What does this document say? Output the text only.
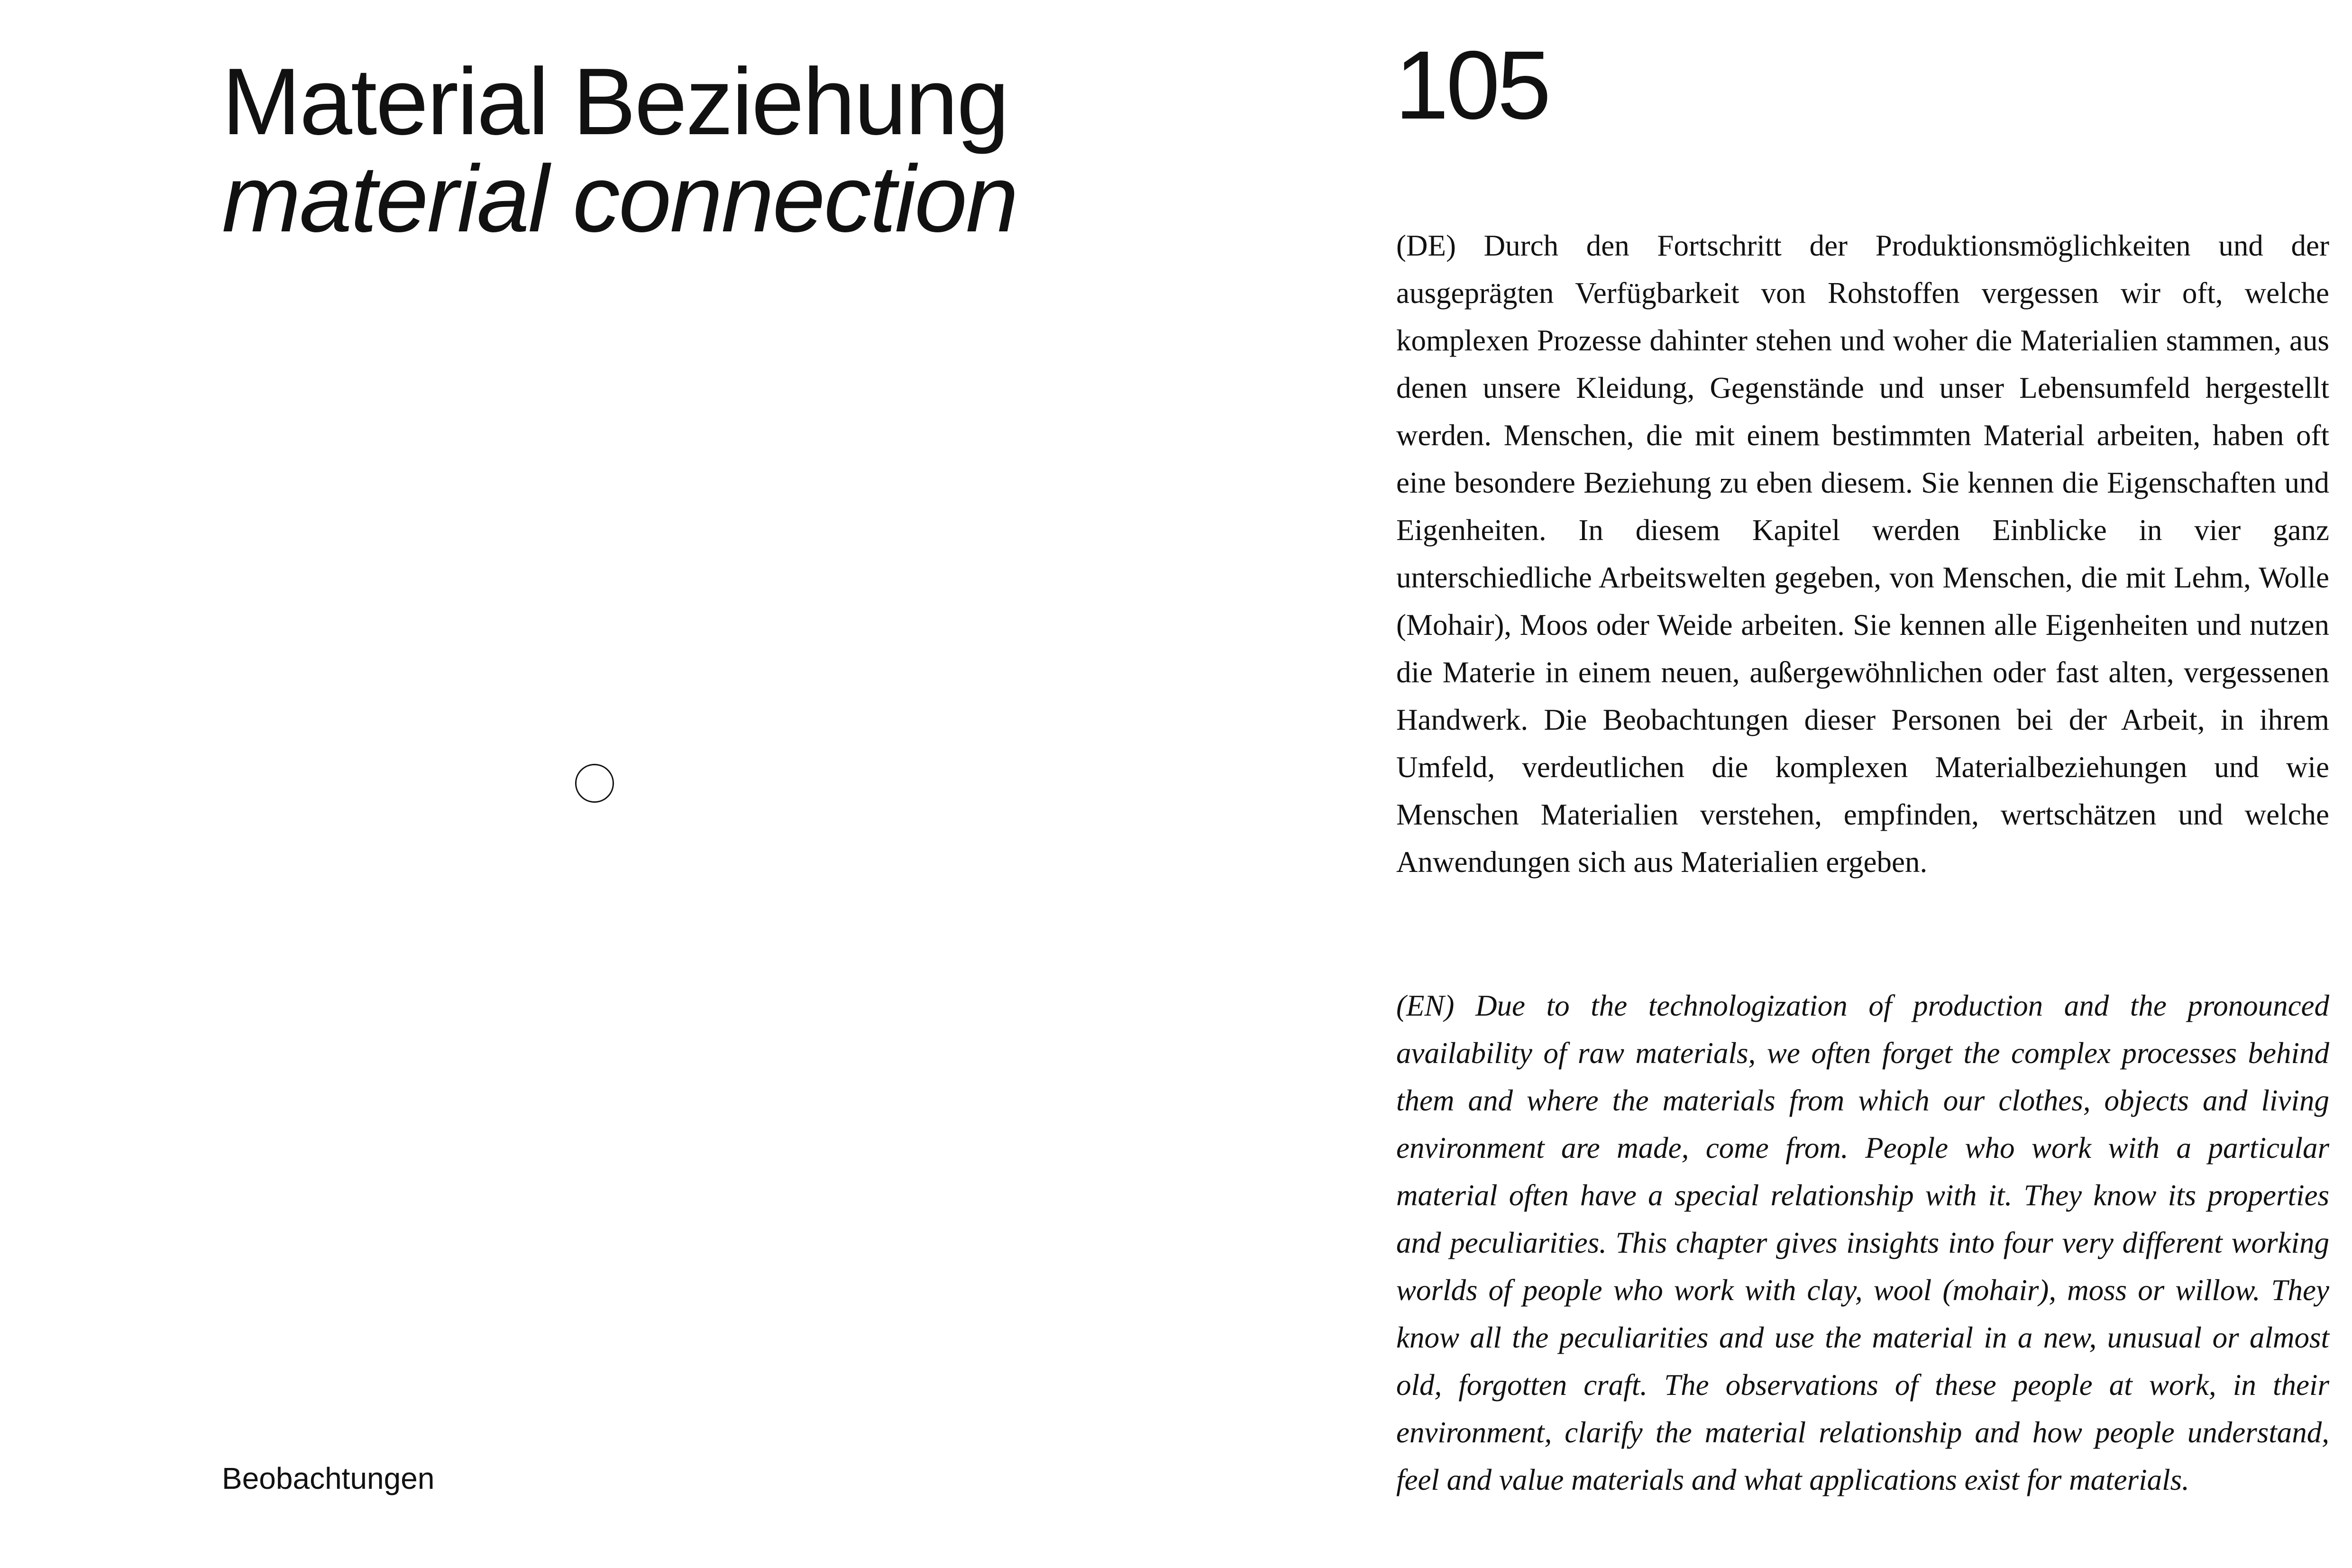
Material Beziehung
material connection
Beobachtungen
105

(DE) Durch den Fortschritt der Produktionsmöglichkeiten und der ausgeprägten Verfügbarkeit von Rohstoffen vergessen wir oft, welche komplexen Prozesse dahinter stehen und woher die Materialien stammen, aus denen unsere Kleidung, Gegenstände und unser Lebensumfeld hergestellt werden. Menschen, die mit einem bestimmten Material arbeiten, haben oft eine besondere Beziehung zu eben diesem. Sie kennen die Eigenschaften und Eigenheiten. In diesem Kapitel werden Einblicke in vier ganz unterschiedliche Arbeitswelten gegeben, von Menschen, die mit Lehm, Wolle (Mohair), Moos oder Weide arbeiten. Sie kennen alle Eigenheiten und nutzen die Materie in einem neuen, außergewöhnlichen oder fast alten, vergessenen Handwerk. Die Beobachtungen dieser Personen bei der Arbeit, in ihrem Umfeld, verdeutlichen die komplexen Materialbeziehungen und wie Menschen Materialien verstehen, empfinden, wertschätzen und welche Anwendungen sich aus Materialien ergeben.

(EN) Due to the technologization of production and the pronounced availability of raw materials, we often forget the complex processes behind them and where the materials from which our clothes, objects and living environment are made, come from. People who work with a particular material often have a special relationship with it. They know its properties and peculiarities. This chapter gives insights into four very different working worlds of people who work with clay, wool (mohair), moss or willow. They know all the peculiarities and use the material in a new, unusual or almost old, forgotten craft. The observations of these people at work, in their environment, clarify the material relationship and how people understand, feel and value materials and what applications exist for materials.
